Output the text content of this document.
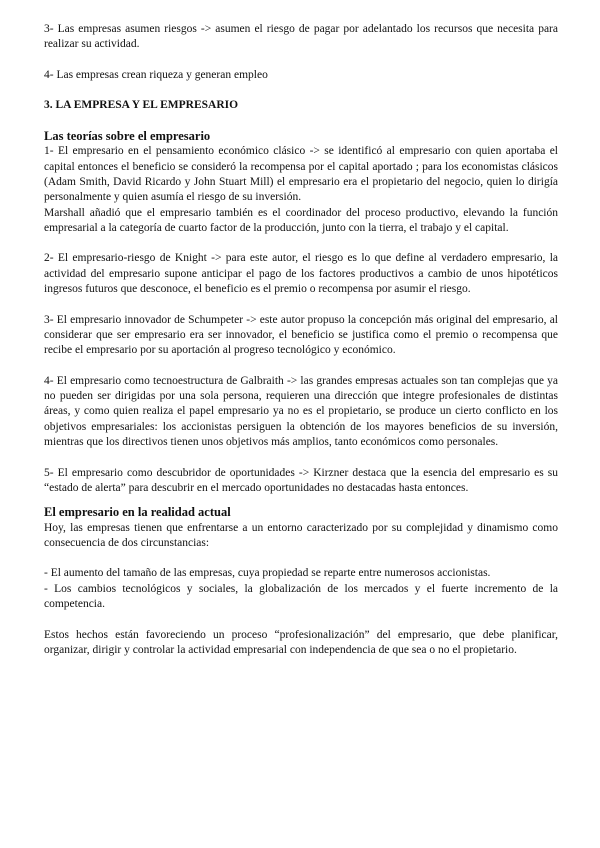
3- Las empresas asumen riesgos -> asumen el riesgo de pagar por adelantado los recursos que necesita para realizar su actividad.

4- Las empresas crean riqueza y generan empleo

3. LA EMPRESA Y EL EMPRESARIO

Las teorías sobre el empresario

1- El empresario en el pensamiento económico clásico -> se identificó al empresario con quien aportaba el capital entonces el beneficio se consideró la recompensa por el capital aportado ; para los economistas clásicos (Adam Smith, David Ricardo y John Stuart Mill) el empresario era el propietario del negocio, quien lo dirigía personalmente y quien asumía el riesgo de su inversión.

Marshall añadió que el empresario también es el coordinador del proceso productivo, elevando la función empresarial a la categoría de cuarto factor de la producción, junto con la tierra, el trabajo y el capital.

2- El empresario-riesgo de Knight -> para este autor, el riesgo es lo que define al verdadero empresario, la actividad del empresario supone anticipar el pago de los factores productivos a cambio de unos hipotéticos ingresos futuros que desconoce, el beneficio es el premio o recompensa por asumir el riesgo.

3- El empresario innovador de Schumpeter -> este autor propuso la concepción más original del empresario, al considerar que ser empresario era ser innovador, el beneficio se justifica como el premio o recompensa que recibe el empresario por su aportación al progreso tecnológico y económico.

4- El empresario como tecnoestructura de Galbraith -> las grandes empresas actuales son tan complejas que ya no pueden ser dirigidas por una sola persona, requieren una dirección que integre profesionales de distintas áreas, y como quien realiza el papel empresario ya no es el propietario, se produce un cierto conflicto en los objetivos empresariales: los accionistas persiguen la obtención de los mayores beneficios de su inversión, mientras que los directivos tienen unos objetivos más amplios, tanto económicos como personales.

5- El empresario como descubridor de oportunidades -> Kirzner destaca que la esencia del empresario es su “estado de alerta” para descubrir en el mercado oportunidades no destacadas hasta entonces.

El empresario en la realidad actual

Hoy, las empresas tienen que enfrentarse a un entorno caracterizado por su complejidad y dinamismo como consecuencia de dos circunstancias:

- El aumento del tamaño de las empresas, cuya propiedad se reparte entre numerosos accionistas.

- Los cambios tecnológicos y sociales, la globalización de los mercados y el fuerte incremento de la competencia.

Estos hechos están favoreciendo un proceso “profesionalización” del empresario, que debe planificar, organizar, dirigir y controlar la actividad empresarial con independencia de que sea o no el propietario.
